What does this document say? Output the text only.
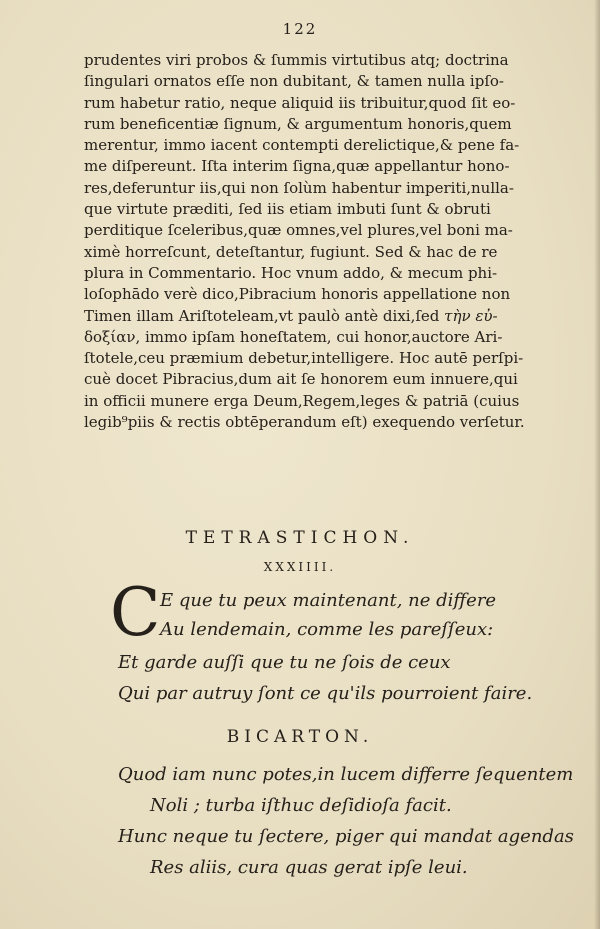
122
prudentes viri probos & ſummis virtutibus atq; doctrina
ſingulari ornatos eſſe non dubitant, & tamen nulla ipſo-
rum habetur ratio, neque aliquid iis tribuitur,quod ſit eo-
rum beneficentiæ ſignum, & argumentum honoris,quem
merentur, immo iacent contempti derelictique,& pene fa-
me diſpereunt. Iſta interim ſigna,quæ appellantur hono-
res,deferuntur iis,qui non ſolùm habentur imperiti,nulla-
que virtute præditi, ſed iis etiam imbuti ſunt & obruti
perditique ſceleribus,quæ omnes,vel plures,vel boni ma-
ximè horreſcunt, deteſtantur, fugiunt. Sed & hac de re
plura in Commentario. Hoc vnum addo, & mecum phi-
loſophādo verè dico,Pibracium honoris appellatione non
Timen illam Ariſtoteleam,vt paulò antè dixi,ſed τὴν εὐ-
δοξίαν, immo ipſam honeſtatem, cui honor,auctore Ari-
ſtotele,ceu præmium debetur,intelligere. Hoc autē perſpi-
cuè docet Pibracius,dum ait ſe honorem eum innuere,qui
in officii munere erga Deum,Regem,leges & patriā (cuius
legib⁹piis & rectis obtēperandum eſt) exequendo verſetur.
TETRASTICHON.
XXXIIII.
C E que tu peux maintenant, ne differe
Au lendemain, comme les pareſſeux:
Et garde auſſi que tu ne ſois de ceux
Qui par autruy ſont ce qu'ils pourroient faire.
BICARTON.
Quod iam nunc potes,in lucem differre ſequentem
Noli ; turba iſthuc deſidioſa facit.
Hunc neque tu ſectere, piger qui mandat agendas
Res aliis, cura quas gerat ipſe leui.
